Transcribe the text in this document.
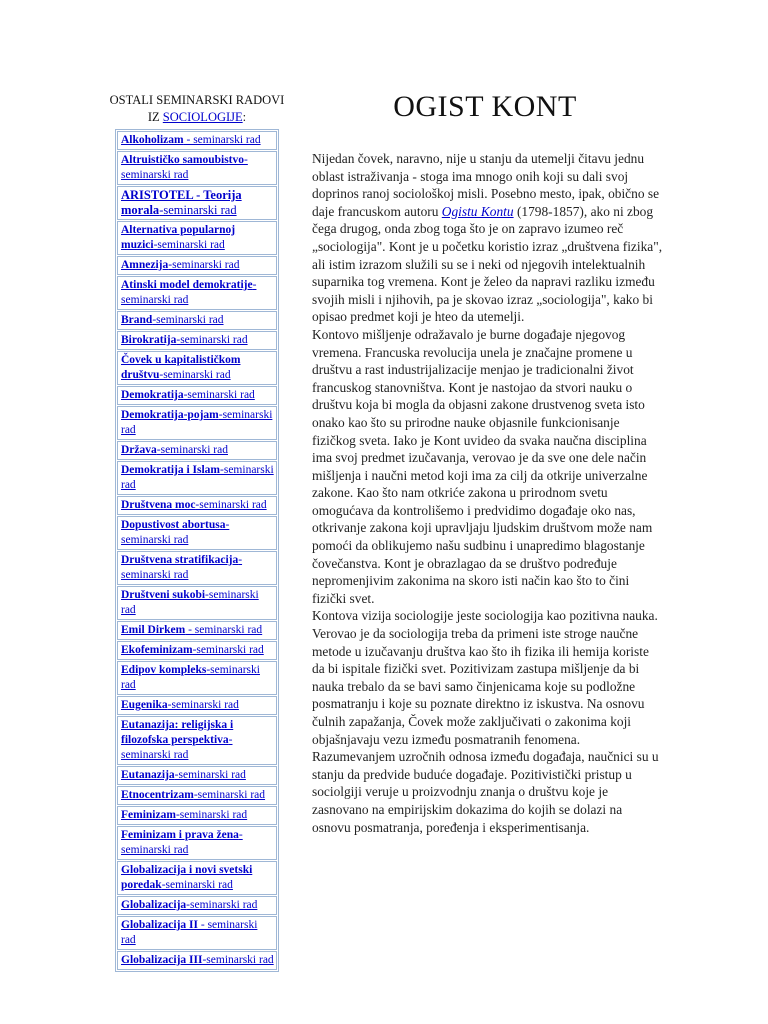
OSTALI SEMINARSKI RADOVI
IZ SOCIOLOGIJE:
Alkoholizam - seminarski rad
Altruističko samoubistvo-seminarski rad
ARISTOTEL - Teorija morala-seminarski rad
Alternativa popularnoj muzici-seminarski rad
Amnezija-seminarski rad
Atinski model demokratije-seminarski rad
Brand-seminarski rad
Birokratija-seminarski rad
Čovek u kapitalističkom društvu-seminarski rad
Demokratija-seminarski rad
Demokratija-pojam-seminarski rad
Država-seminarski rad
Demokratija i Islam-seminarski rad
Društvena moc-seminarski rad
Dopustivost abortusa-seminarski rad
Društvena stratifikacija-seminarski rad
Društveni sukobi-seminarski rad
Emil Dirkem - seminarski rad
Ekofeminizam-seminarski rad
Edipov kompleks-seminarski rad
Eugenika-seminarski rad
Eutanazija: religijska i filozofska perspektiva-seminarski rad
Eutanazija-seminarski rad
Etnocentrizam-seminarski rad
Feminizam-seminarski rad
Feminizam i prava žena-seminarski rad
Globalizacija i novi svetski poredak-seminarski rad
Globalizacija-seminarski rad
Globalizacija II - seminarski rad
Globalizacija III-seminarski rad
OGIST KONT

Nijedan čovek, naravno, nije u stanju da utemelji čitavu jednu oblast istraživanja - stoga ima mnogo onih koji su dali svoj doprinos ranoj sociološkoj misli. Posebno mesto, ipak, obično se daje francuskom autoru Ogistu Kontu (1798-1857), ako ni zbog čega drugog, onda zbog toga što je on zapravo izumeo reč „sociologija". Kont je u početku koristio izraz „društvena fizika", ali istim izrazom služili su se i neki od njegovih intelektualnih suparnika tog vremena. Kont je želeo da napravi razliku između svojih misli i njihovih, pa je skovao izraz „sociologija", kako bi opisao predmet koji je hteo da utemelji.

Kontovo mišljenje odražavalo je burne događaje njegovog vremena. Francuska revolucija unela je značajne promene u društvu a rast industrijalizacije menjao je tradicionalni život francuskog stanovništva. Kont je nastojao da stvori nauku o društvu koja bi mogla da objasni zakone drustvenog sveta isto onako kao što su prirodne nauke objasnile funkcionisanje fizičkog sveta. Iako je Kont uvideo da svaka naučna disciplina ima svoj predmet izučavanja, verovao je da sve one dele način mišljenja i naučni metod koji ima za cilj da otkrije univerzalne zakone. Kao što nam otkriće zakona u prirodnom svetu omogućava da kontrolišemo i predvidimo događaje oko nas, otkrivanje zakona koji upravljaju ljudskim društvom može nam pomoći da oblikujemo našu sudbinu i unapredimo blagostanje čovečanstva. Kont je obrazlagao da se društvo podređuje nepromenjivim zakonima na skoro isti način kao što to čini fizički svet.

Kontova vizija sociologije jeste sociologija kao pozitivna nauka. Verovao je da sociologija treba da primeni iste stroge naučne metode u izučavanju društva kao što ih fizika ili hemija koriste da bi ispitale fizički svet. Pozitivizam zastupa mišljenje da bi nauka trebalo da se bavi samo činjenicama koje su podložne posmatranju i koje su poznate direktno iz iskustva. Na osnovu čulnih zapažanja, Čovek može zaključivati o zakonima koji objašnjavaju vezu između posmatranih fenomena. Razumevanjem uzročnih odnosa između događaja, naučnici su u stanju da predvide buduće događaje. Pozitivistički pristup u sociolgiji veruje u proizvodnju znanja o društvu koje je zasnovano na empirijskim dokazima do kojih se dolazi na osnovu posmatranja, poređenja i eksperimentisanja.
